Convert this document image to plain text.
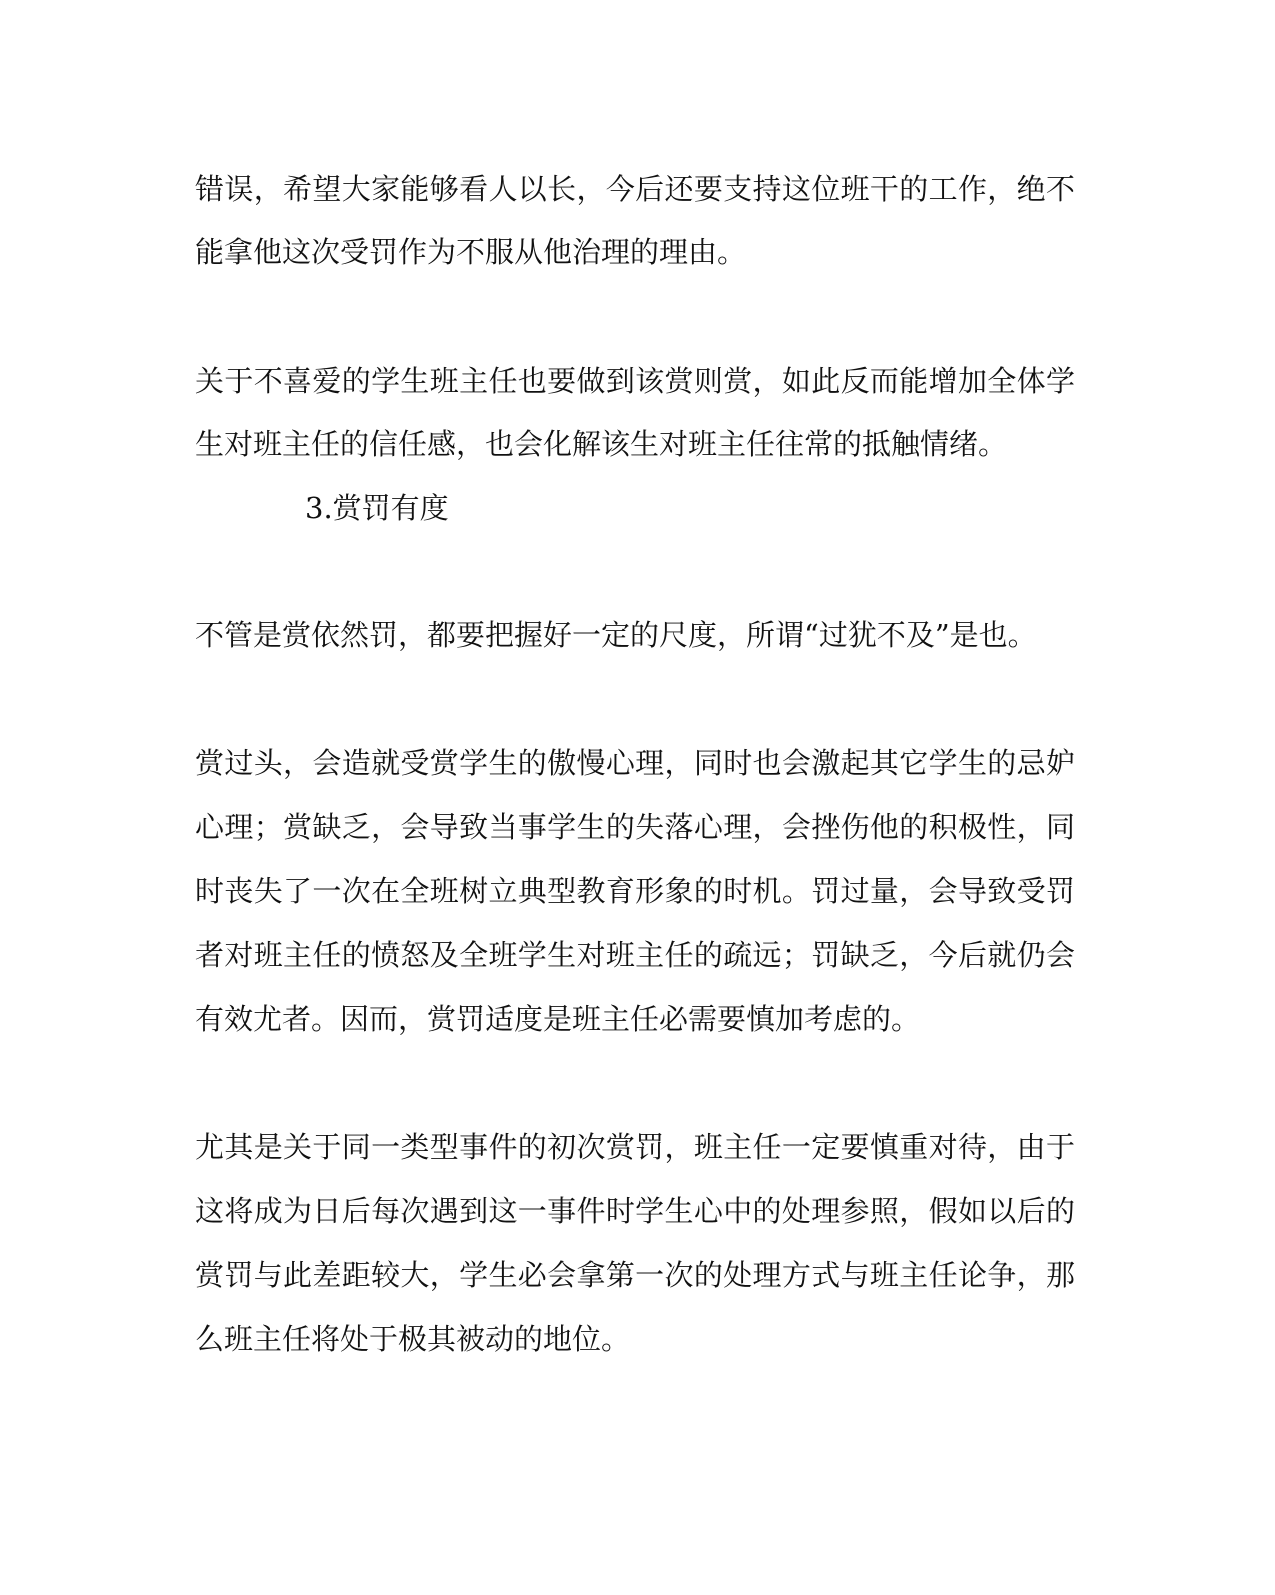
错误，希望大家能够看人以长，今后还要支持这位班干的工作，绝不
能拿他这次受罚作为不服从他治理的理由。
关于不喜爱的学生班主任也要做到该赏则赏，如此反而能增加全体学
生对班主任的信任感，也会化解该生对班主任往常的抵触情绪。
3.赏罚有度
不管是赏依然罚，都要把握好一定的尺度，所谓“过犹不及”是也。
赏过头，会造就受赏学生的傲慢心理，同时也会激起其它学生的忌妒
心理；赏缺乏，会导致当事学生的失落心理，会挫伤他的积极性，同
时丧失了一次在全班树立典型教育形象的时机。罚过量，会导致受罚
者对班主任的愤怒及全班学生对班主任的疏远；罚缺乏，今后就仍会
有效尤者。因而，赏罚适度是班主任必需要慎加考虑的。
尤其是关于同一类型事件的初次赏罚，班主任一定要慎重对待，由于
这将成为日后每次遇到这一事件时学生心中的处理参照，假如以后的
赏罚与此差距较大，学生必会拿第一次的处理方式与班主任论争，那
么班主任将处于极其被动的地位。
